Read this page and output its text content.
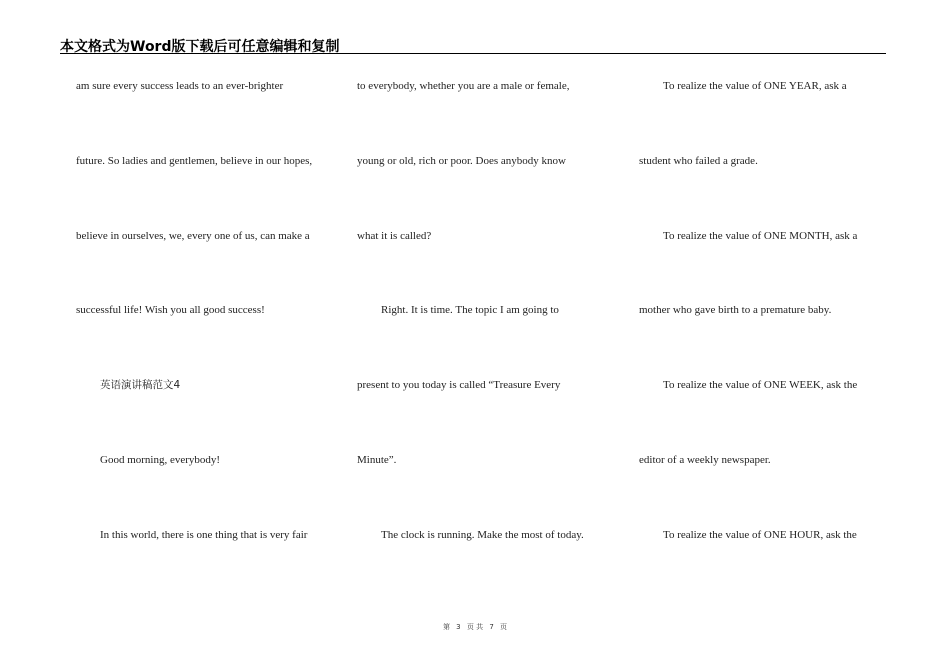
本文格式为Word版下载后可任意编辑和复制
am sure every success leads to an ever-brighter
future. So ladies and gentlemen, believe in our hopes,
believe in ourselves, we, every one of us, can make a
successful life! Wish you all good success!
英语演讲稿范文4
Good morning, everybody!
In this world, there is one thing that is very fair
to everybody, whether you are a male or female,
young or old, rich or poor. Does anybody know
what it is called?
Right. It is time. The topic I am going to
present to you today is called “Treasure Every
Minute”.
The clock is running. Make the most of today.
To realize the value of ONE YEAR, ask a
student who failed a grade.
To realize the value of ONE MONTH, ask a
mother who gave birth to a premature baby.
To realize the value of ONE WEEK, ask the
editor of a weekly newspaper.
To realize the value of ONE HOUR, ask the
第 3 页 共 7 页
